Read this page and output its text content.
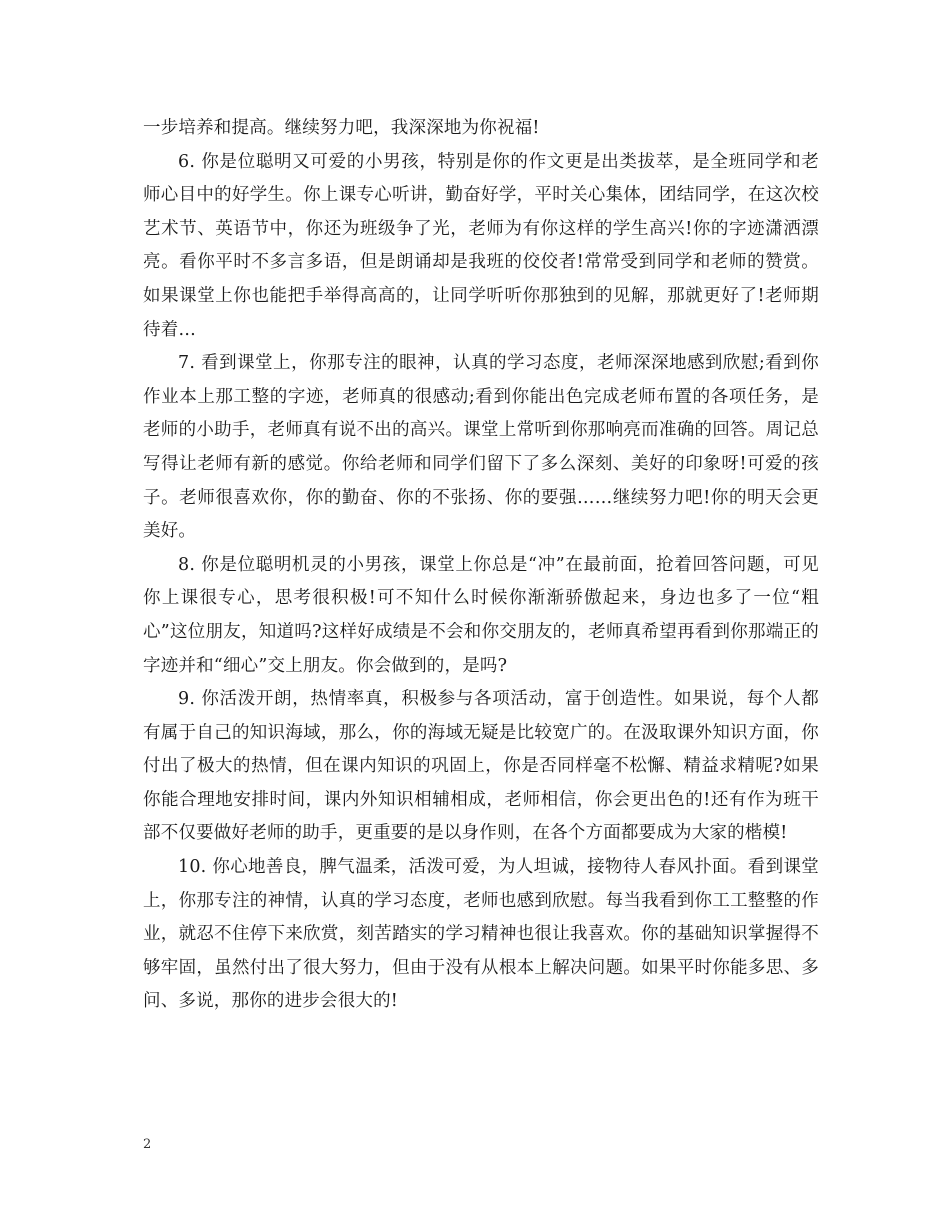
一步培养和提高。继续努力吧，我深深地为你祝福!

6. 你是位聪明又可爱的小男孩，特别是你的作文更是出类拔萃，是全班同学和老师心目中的好学生。你上课专心听讲，勤奋好学，平时关心集体，团结同学，在这次校艺术节、英语节中，你还为班级争了光，老师为有你这样的学生高兴!你的字迹潇洒漂亮。看你平时不多言多语，但是朗诵却是我班的佼佼者!常常受到同学和老师的赞赏。如果课堂上你也能把手举得高高的，让同学听听你那独到的见解，那就更好了!老师期待着…

7. 看到课堂上，你那专注的眼神，认真的学习态度，老师深深地感到欣慰;看到你作业本上那工整的字迹，老师真的很感动;看到你能出色完成老师布置的各项任务，是老师的小助手，老师真有说不出的高兴。课堂上常听到你那响亮而准确的回答。周记总写得让老师有新的感觉。你给老师和同学们留下了多么深刻、美好的印象呀!可爱的孩子。老师很喜欢你，你的勤奋、你的不张扬、你的要强……继续努力吧!你的明天会更美好。

8. 你是位聪明机灵的小男孩，课堂上你总是“冲”在最前面，抢着回答问题，可见你上课很专心，思考很积极!可不知什么时候你渐渐骄傲起来，身边也多了一位“粗心”这位朋友，知道吗?这样好成绩是不会和你交朋友的，老师真希望再看到你那端正的字迹并和“细心”交上朋友。你会做到的，是吗?

9. 你活泼开朗，热情率真，积极参与各项活动，富于创造性。如果说，每个人都有属于自己的知识海域，那么，你的海域无疑是比较宽广的。在汲取课外知识方面，你付出了极大的热情，但在课内知识的巩固上，你是否同样毫不松懈、精益求精呢?如果你能合理地安排时间，课内外知识相辅相成，老师相信，你会更出色的!还有作为班干部不仅要做好老师的助手，更重要的是以身作则，在各个方面都要成为大家的楷模!

10. 你心地善良，脾气温柔，活泼可爱，为人坦诚，接物待人春风扑面。看到课堂上，你那专注的神情，认真的学习态度，老师也感到欣慰。每当我看到你工工整整的作业，就忍不住停下来欣赏，刻苦踏实的学习精神也很让我喜欢。你的基础知识掌握得不够牢固，虽然付出了很大努力，但由于没有从根本上解决问题。如果平时你能多思、多问、多说，那你的进步会很大的!

2
